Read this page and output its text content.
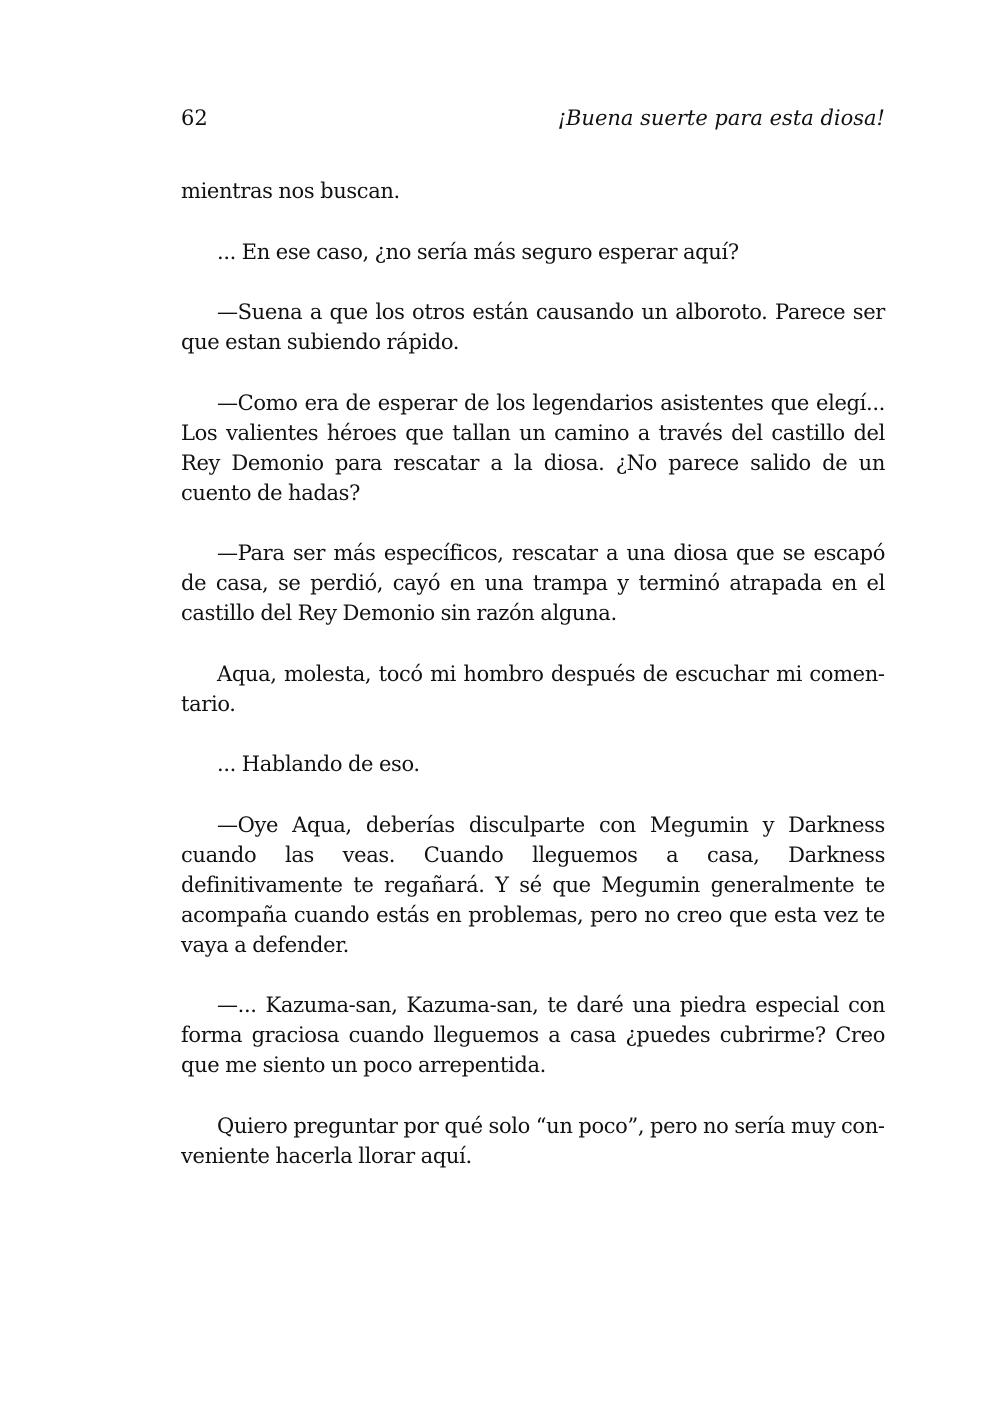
62	¡Buena suerte para esta diosa!

mientras nos buscan.

... En ese caso, ¿no sería más seguro esperar aquí?

—Suena a que los otros están causando un alboroto. Parece ser que estan subiendo rápido.

—Como era de esperar de los legendarios asistentes que elegí... Los valientes héroes que tallan un camino a través del castillo del Rey Demonio para rescatar a la diosa. ¿No parece salido de un cuento de hadas?

—Para ser más específicos, rescatar a una diosa que se escapó de casa, se perdió, cayó en una trampa y terminó atrapada en el castillo del Rey Demonio sin razón alguna.

Aqua, molesta, tocó mi hombro después de escuchar mi comentario.

... Hablando de eso.

—Oye Aqua, deberías disculparte con Megumin y Darkness cuando las veas. Cuando lleguemos a casa, Darkness definitivamente te regañará. Y sé que Megumin generalmente te acompaña cuando estás en problemas, pero no creo que esta vez te vaya a defender.

—... Kazuma-san, Kazuma-san, te daré una piedra especial con forma graciosa cuando lleguemos a casa ¿puedes cubrirme? Creo que me siento un poco arrepentida.

Quiero preguntar por qué solo “un poco”, pero no sería muy conveniente hacerla llorar aquí.
